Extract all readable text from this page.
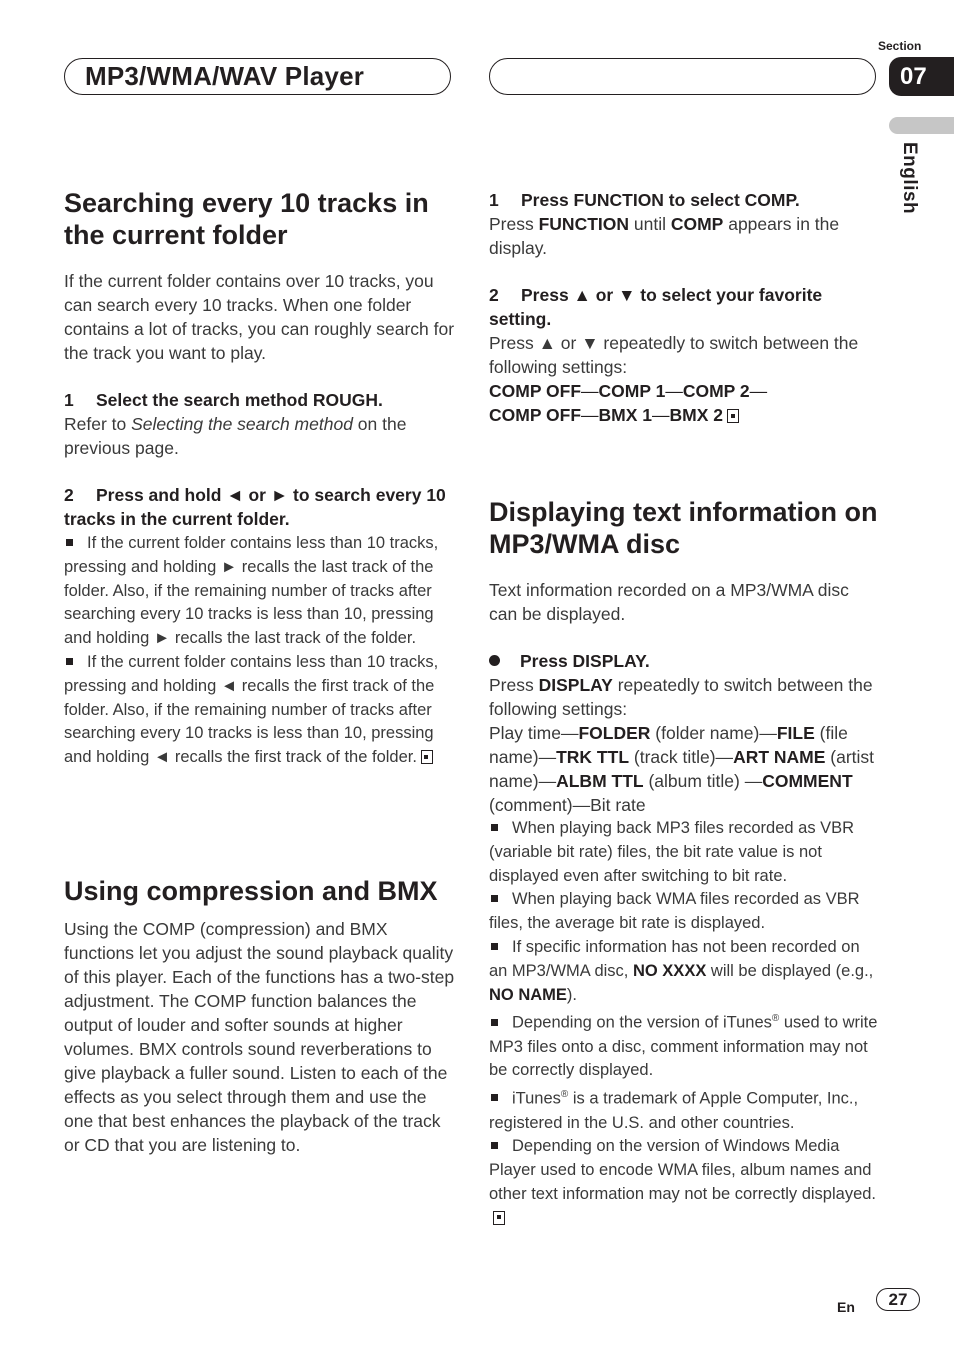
MP3/WMA/WAV Player
Section
07
English
Searching every 10 tracks in the current folder

If the current folder contains over 10 tracks, you can search every 10 tracks. When one folder contains a lot of tracks, you can roughly search for the track you want to play.

1 Select the search method ROUGH.

Refer to Selecting the search method on the previous page.

2 Press and hold ◄ or ► to search every 10 tracks in the current folder.
If the current folder contains less than 10 tracks, pressing and holding ► recalls the last track of the folder. Also, if the remaining number of tracks after searching every 10 tracks is less than 10, pressing and holding ► recalls the last track of the folder.
If the current folder contains less than 10 tracks, pressing and holding ◄ recalls the first track of the folder. Also, if the remaining number of tracks after searching every 10 tracks is less than 10, pressing and holding ◄ recalls the first track of the folder.
Using compression and BMX

Using the COMP (compression) and BMX functions let you adjust the sound playback quality of this player. Each of the functions has a two-step adjustment. The COMP function balances the output of louder and softer sounds at higher volumes. BMX controls sound reverberations to give playback a fuller sound. Listen to each of the effects as you select through them and use the one that best enhances the playback of the track or CD that you are listening to.

1 Press FUNCTION to select COMP.

Press FUNCTION until COMP appears in the display.

2 Press ▲ or ▼ to select your favorite setting.

Press ▲ or ▼ repeatedly to switch between the following settings:

COMP OFF—COMP 1—COMP 2—
COMP OFF—BMX 1—BMX 2
Displaying text information on MP3/WMA disc

Text information recorded on a MP3/WMA disc can be displayed.

Press DISPLAY.

Press DISPLAY repeatedly to switch between the following settings:

Play time—FOLDER (folder name)—FILE (file name)—TRK TTL (track title)—ART NAME (artist name)—ALBM TTL (album title) —COMMENT (comment)—Bit rate

When playing back MP3 files recorded as VBR (variable bit rate) files, the bit rate value is not displayed even after switching to bit rate.
When playing back WMA files recorded as VBR files, the average bit rate is displayed.
If specific information has not been recorded on an MP3/WMA disc, NO XXXX will be displayed (e.g., NO NAME).
Depending on the version of iTunes® used to write MP3 files onto a disc, comment information may not be correctly displayed.
iTunes® is a trademark of Apple Computer, Inc., registered in the U.S. and other countries.
Depending on the version of Windows Media Player used to encode WMA files, album names and other text information may not be correctly displayed.
En	27
